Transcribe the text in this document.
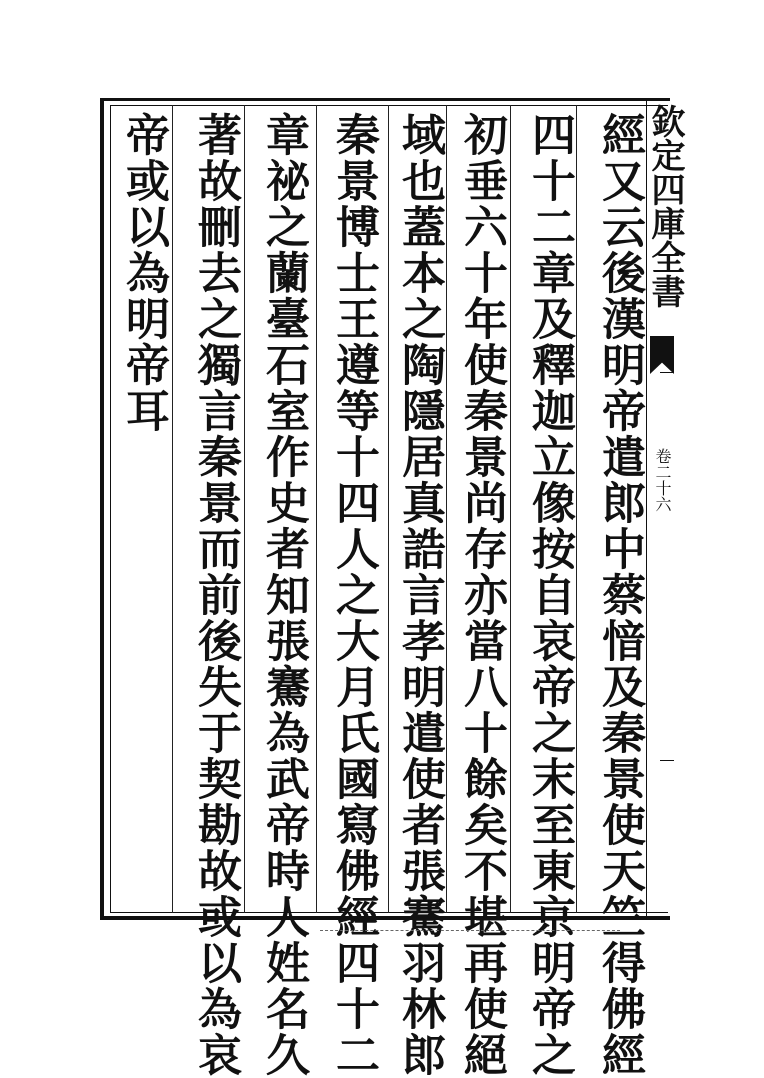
欽定四庫全書
卷二十六
經又云後漢明帝遣郎中蔡愔及秦景使天竺得佛經
四十二章及釋迦立像按自哀帝之末至東京明帝之
初垂六十年使秦景尚存亦當八十餘矣不堪再使絕
域也蓋本之陶隱居真誥言孝明遣使者張騫羽林郎
秦景博士王遵等十四人之大月氏國寫佛經四十二
章祕之蘭臺石室作史者知張騫為武帝時人姓名久
著故刪去之獨言秦景而前後失于契勘故或以為哀
帝或以為明帝耳
